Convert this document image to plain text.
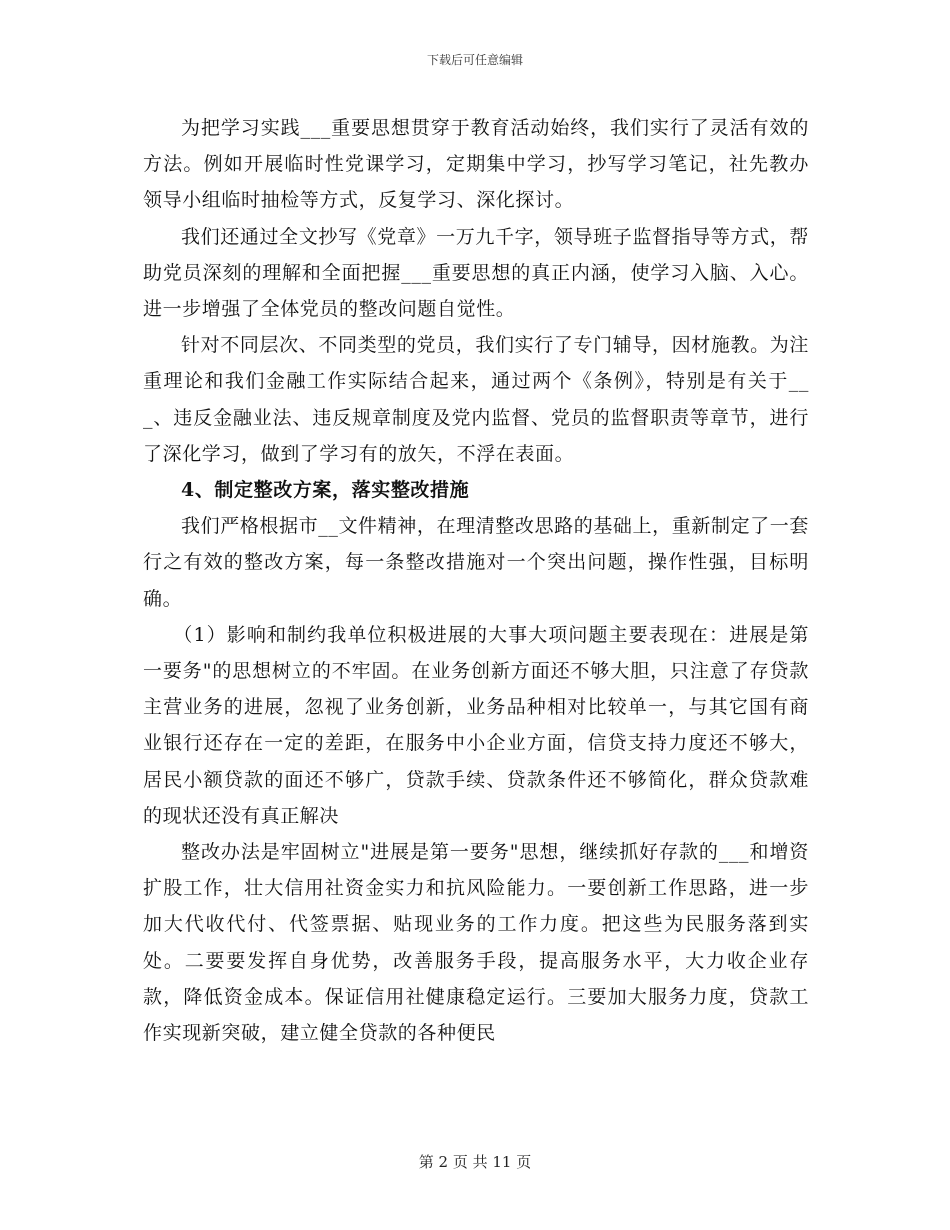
下载后可任意编辑

为把学习实践___重要思想贯穿于教育活动始终，我们实行了灵活有效的方法。例如开展临时性党课学习，定期集中学习，抄写学习笔记，社先教办领导小组临时抽检等方式，反复学习、深化探讨。

我们还通过全文抄写《党章》一万九千字，领导班子监督指导等方式，帮助党员深刻的理解和全面把握___重要思想的真正内涵，使学习入脑、入心。进一步增强了全体党员的整改问题自觉性。

针对不同层次、不同类型的党员，我们实行了专门辅导，因材施教。为注重理论和我们金融工作实际结合起来，通过两个《条例》，特别是有关于___、违反金融业法、违反规章制度及党内监督、党员的监督职责等章节，进行了深化学习，做到了学习有的放矢，不浮在表面。

4、制定整改方案，落实整改措施

我们严格根据市__文件精神，在理清整改思路的基础上，重新制定了一套行之有效的整改方案，每一条整改措施对一个突出问题，操作性强，目标明确。

（1）影响和制约我单位积极进展的大事大项问题主要表现在：进展是第一要务"的思想树立的不牢固。在业务创新方面还不够大胆，只注意了存贷款主营业务的进展，忽视了业务创新，业务品种相对比较单一，与其它国有商业银行还存在一定的差距，在服务中小企业方面，信贷支持力度还不够大，居民小额贷款的面还不够广，贷款手续、贷款条件还不够简化，群众贷款难的现状还没有真正解决

整改办法是牢固树立"进展是第一要务"思想，继续抓好存款的___和增资扩股工作，壮大信用社资金实力和抗风险能力。一要创新工作思路，进一步加大代收代付、代签票据、贴现业务的工作力度。把这些为民服务落到实处。二要要发挥自身优势，改善服务手段，提高服务水平，大力收企业存款，降低资金成本。保证信用社健康稳定运行。三要加大服务力度，贷款工作实现新突破，建立健全贷款的各种便民

第 2 页 共 11 页
